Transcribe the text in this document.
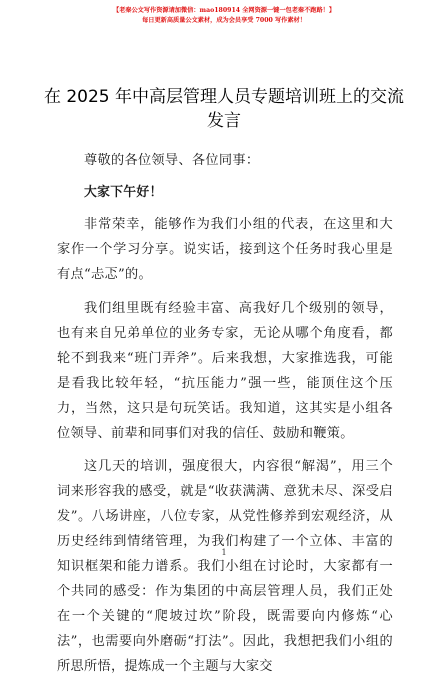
【老秦公文写作资源请加微信：mao180914 全网资源一键一包老秦不跑路！】
每日更新高质量公文素材，成为会员享受 7000 写作素材！
在 2025 年中高层管理人员专题培训班上的交流
发言

尊敬的各位领导、各位同事：

大家下午好！

非常荣幸，能够作为我们小组的代表，在这里和大家作一个学习分享。说实话，接到这个任务时我心里是有点“忐忑”的。

我们组里既有经验丰富、高我好几个级别的领导，也有来自兄弟单位的业务专家，无论从哪个角度看，都轮不到我来“班门弄斧”。后来我想，大家推选我，可能是看我比较年轻，“抗压能力”强一些，能顶住这个压力，当然，这只是句玩笑话。我知道，这其实是小组各位领导、前辈和同事们对我的信任、鼓励和鞭策。

这几天的培训，强度很大，内容很“解渴”，用三个词来形容我的感受，就是“收获满满、意犹未尽、深受启发”。八场讲座，八位专家，从党性修养到宏观经济，从历史经纬到情绪管理，为我们构建了一个立体、丰富的知识框架和能力谱系。我们小组在讨论时，大家都有一个共同的感受：作为集团的中高层管理人员，我们正处在一个关键的“爬坡过坎”阶段，既需要向内修炼“心法”，也需要向外磨砺“打法”。因此，我想把我们小组的所思所悟，提炼成一个主题与大家交

1
